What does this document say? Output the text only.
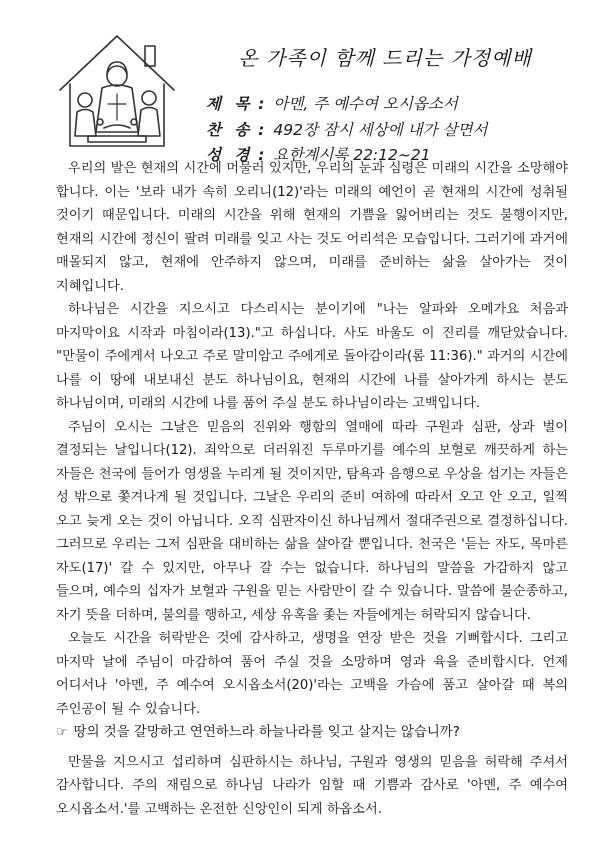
온 가족이 함께 드리는 가정예배
제 목 : 아멘, 주 예수여 오시옵소서
찬 송 : 492장 잠시 세상에 내가 살면서
성 경 : 요한계시록 22:12~21

우리의 발은 현재의 시간에 머물러 있지만, 우리의 눈과 심령은 미래의 시간을 소망해야 합니다. 이는 '보라 내가 속히 오리니(12)'라는 미래의 예언이 곧 현재의 시간에 성취될 것이기 때문입니다. 미래의 시간을 위해 현재의 기쁨을 잃어버리는 것도 불행이지만, 현재의 시간에 정신이 팔려 미래를 잊고 사는 것도 어리석은 모습입니다. 그러기에 과거에 매몰되지 않고, 현재에 안주하지 않으며, 미래를 준비하는 삶을 살아가는 것이 지혜입니다.

하나님은 시간을 지으시고 다스리시는 분이기에 "나는 알파와 오메가요 처음과 마지막이요 시작과 마침이라(13)."고 하십니다. 사도 바울도 이 진리를 깨닫았습니다. "만물이 주에게서 나오고 주로 말미암고 주에게로 돌아감이라(롬 11:36)." 과거의 시간에 나를 이 땅에 내보내신 분도 하나님이요, 현재의 시간에 나를 살아가게 하시는 분도 하나님이며, 미래의 시간에 나를 품어 주실 분도 하나님이라는 고백입니다.

주님이 오시는 그날은 믿음의 진위와 행함의 열매에 따라 구원과 심판, 상과 벌이 결정되는 날입니다(12). 죄악으로 더러워진 두루마기를 예수의 보혈로 깨끗하게 하는 자들은 천국에 들어가 영생을 누리게 될 것이지만, 탐욕과 음행으로 우상을 섬기는 자들은 성 밖으로 쫓겨나게 될 것입니다. 그날은 우리의 준비 여하에 따라서 오고 안 오고, 일찍 오고 늦게 오는 것이 아닙니다. 오직 심판자이신 하나님께서 절대주권으로 결정하십니다. 그러므로 우리는 그저 심판을 대비하는 삶을 살아갈 뿐입니다. 천국은 '듣는 자도, 목마른 자도(17)' 갈 수 있지만, 아무나 갈 수는 없습니다. 하나님의 말씀을 가감하지 않고 들으며, 예수의 십자가 보혈과 구원을 믿는 사람만이 갈 수 있습니다. 말씀에 불순종하고, 자기 뜻을 더하며, 불의를 행하고, 세상 유혹을 좇는 자들에게는 허락되지 않습니다.

오늘도 시간을 허락받은 것에 감사하고, 생명을 연장 받은 것을 기뻐합시다. 그리고 마지막 날에 주님이 마감하여 품어 주실 것을 소망하며 영과 육을 준비합시다. 언제 어디서나 '아멘, 주 예수여 오시옵소서(20)'라는 고백을 가슴에 품고 살아갈 때 복의 주인공이 될 수 있습니다.

☞ 땅의 것을 갈망하고 연연하느라 하늘나라를 잊고 살지는 않습니까?

만물을 지으시고 섭리하며 심판하시는 하나님, 구원과 영생의 믿음을 허락해 주셔서 감사합니다. 주의 재림으로 하나님 나라가 임할 때 기쁨과 감사로 '아멘, 주 예수여 오시옵소서.'를 고백하는 온전한 신앙인이 되게 하옵소서.
